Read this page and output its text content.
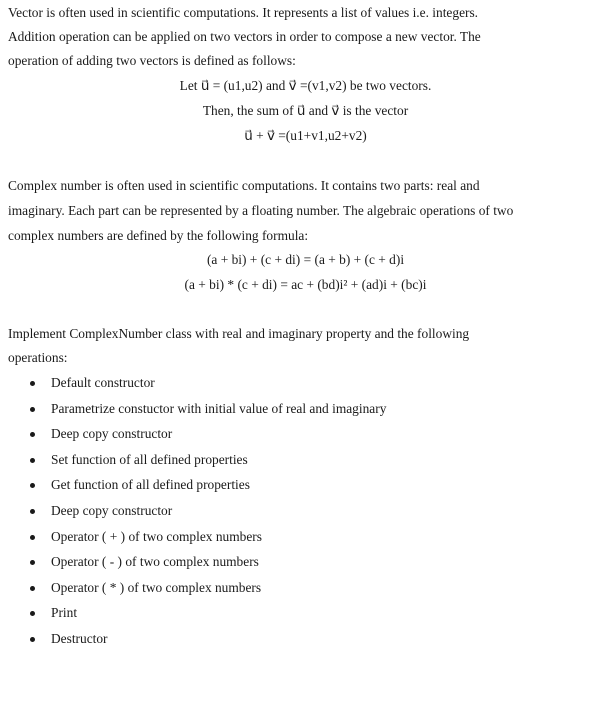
Vector is often used in scientific computations. It represents a list of values i.e. integers.
Addition operation can be applied on two vectors in order to compose a new vector. The
operation of adding two vectors is defined as follows:
Let u⃗ = (u1,u2) and v⃗ =(v1,v2) be two vectors.
Then, the sum of u⃗ and v⃗ is the vector
u⃗ + v⃗ =(u1+v1,u2+v2)
Complex number is often used in scientific computations. It contains two parts: real and
imaginary. Each part can be represented by a floating number. The algebraic operations of two
complex numbers are defined by the following formula:
(a + bi) + (c + di) = (a + b) + (c + d)i
(a + bi) * (c + di) = ac + (bd)i² + (ad)i + (bc)i
Implement ComplexNumber class with real and imaginary property and the following
operations:
Default constructor
Parametrize constuctor with initial value of real and imaginary
Deep copy constructor
Set function of all defined properties
Get function of all defined properties
Deep copy constructor
Operator ( + ) of two complex numbers
Operator ( - ) of two complex numbers
Operator ( * ) of two complex numbers
Print
Destructor
